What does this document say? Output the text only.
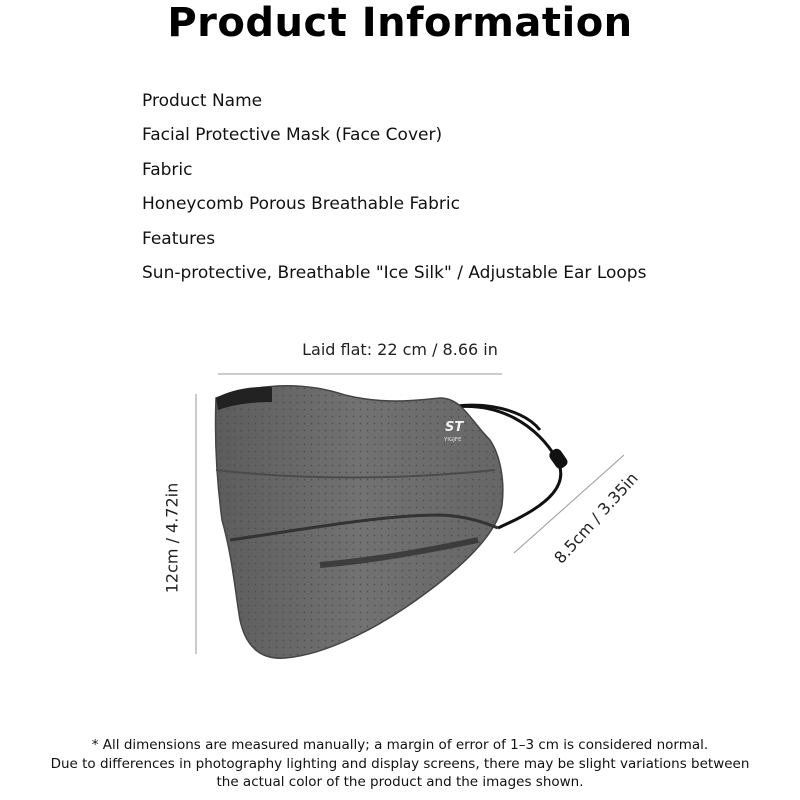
Product Information
Product Name
Facial Protective Mask (Face Cover)
Fabric
Honeycomb Porous Breathable Fabric
Features
Sun-protective, Breathable "Ice Silk" / Adjustable Ear Loops
ST
YIGJFE
Laid flat: 22 cm / 8.66 in
12cm / 4.72in	8.5cm / 3.35in
* All dimensions are measured manually; a margin of error of 1–3 cm is considered normal.
Due to differences in photography lighting and display screens, there may be slight variations between
the actual color of the product and the images shown.
